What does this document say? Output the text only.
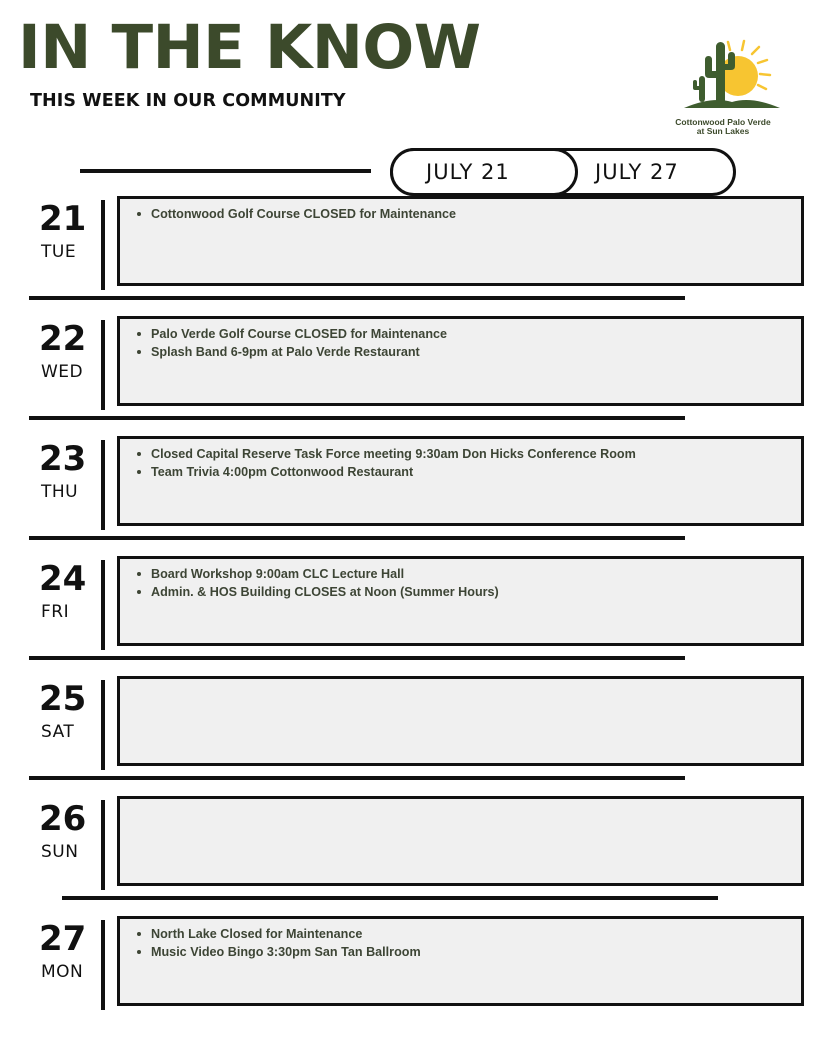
IN THE KNOW
THIS WEEK IN OUR COMMUNITY
Cottonwood Palo Verde
at Sun Lakes
JULY 21	JULY 27
21
TUE
Cottonwood Golf Course CLOSED for Maintenance
22
WED
Palo Verde Golf Course CLOSED for Maintenance
Splash Band 6-9pm at Palo Verde Restaurant
23
THU
Closed Capital Reserve Task Force meeting 9:30am Don Hicks Conference Room
Team Trivia 4:00pm Cottonwood Restaurant
24
FRI
Board Workshop 9:00am CLC Lecture Hall
Admin. & HOS Building CLOSES at Noon (Summer Hours)
25
SAT
26
SUN
27
MON
North Lake Closed for Maintenance
Music Video Bingo 3:30pm San Tan Ballroom
